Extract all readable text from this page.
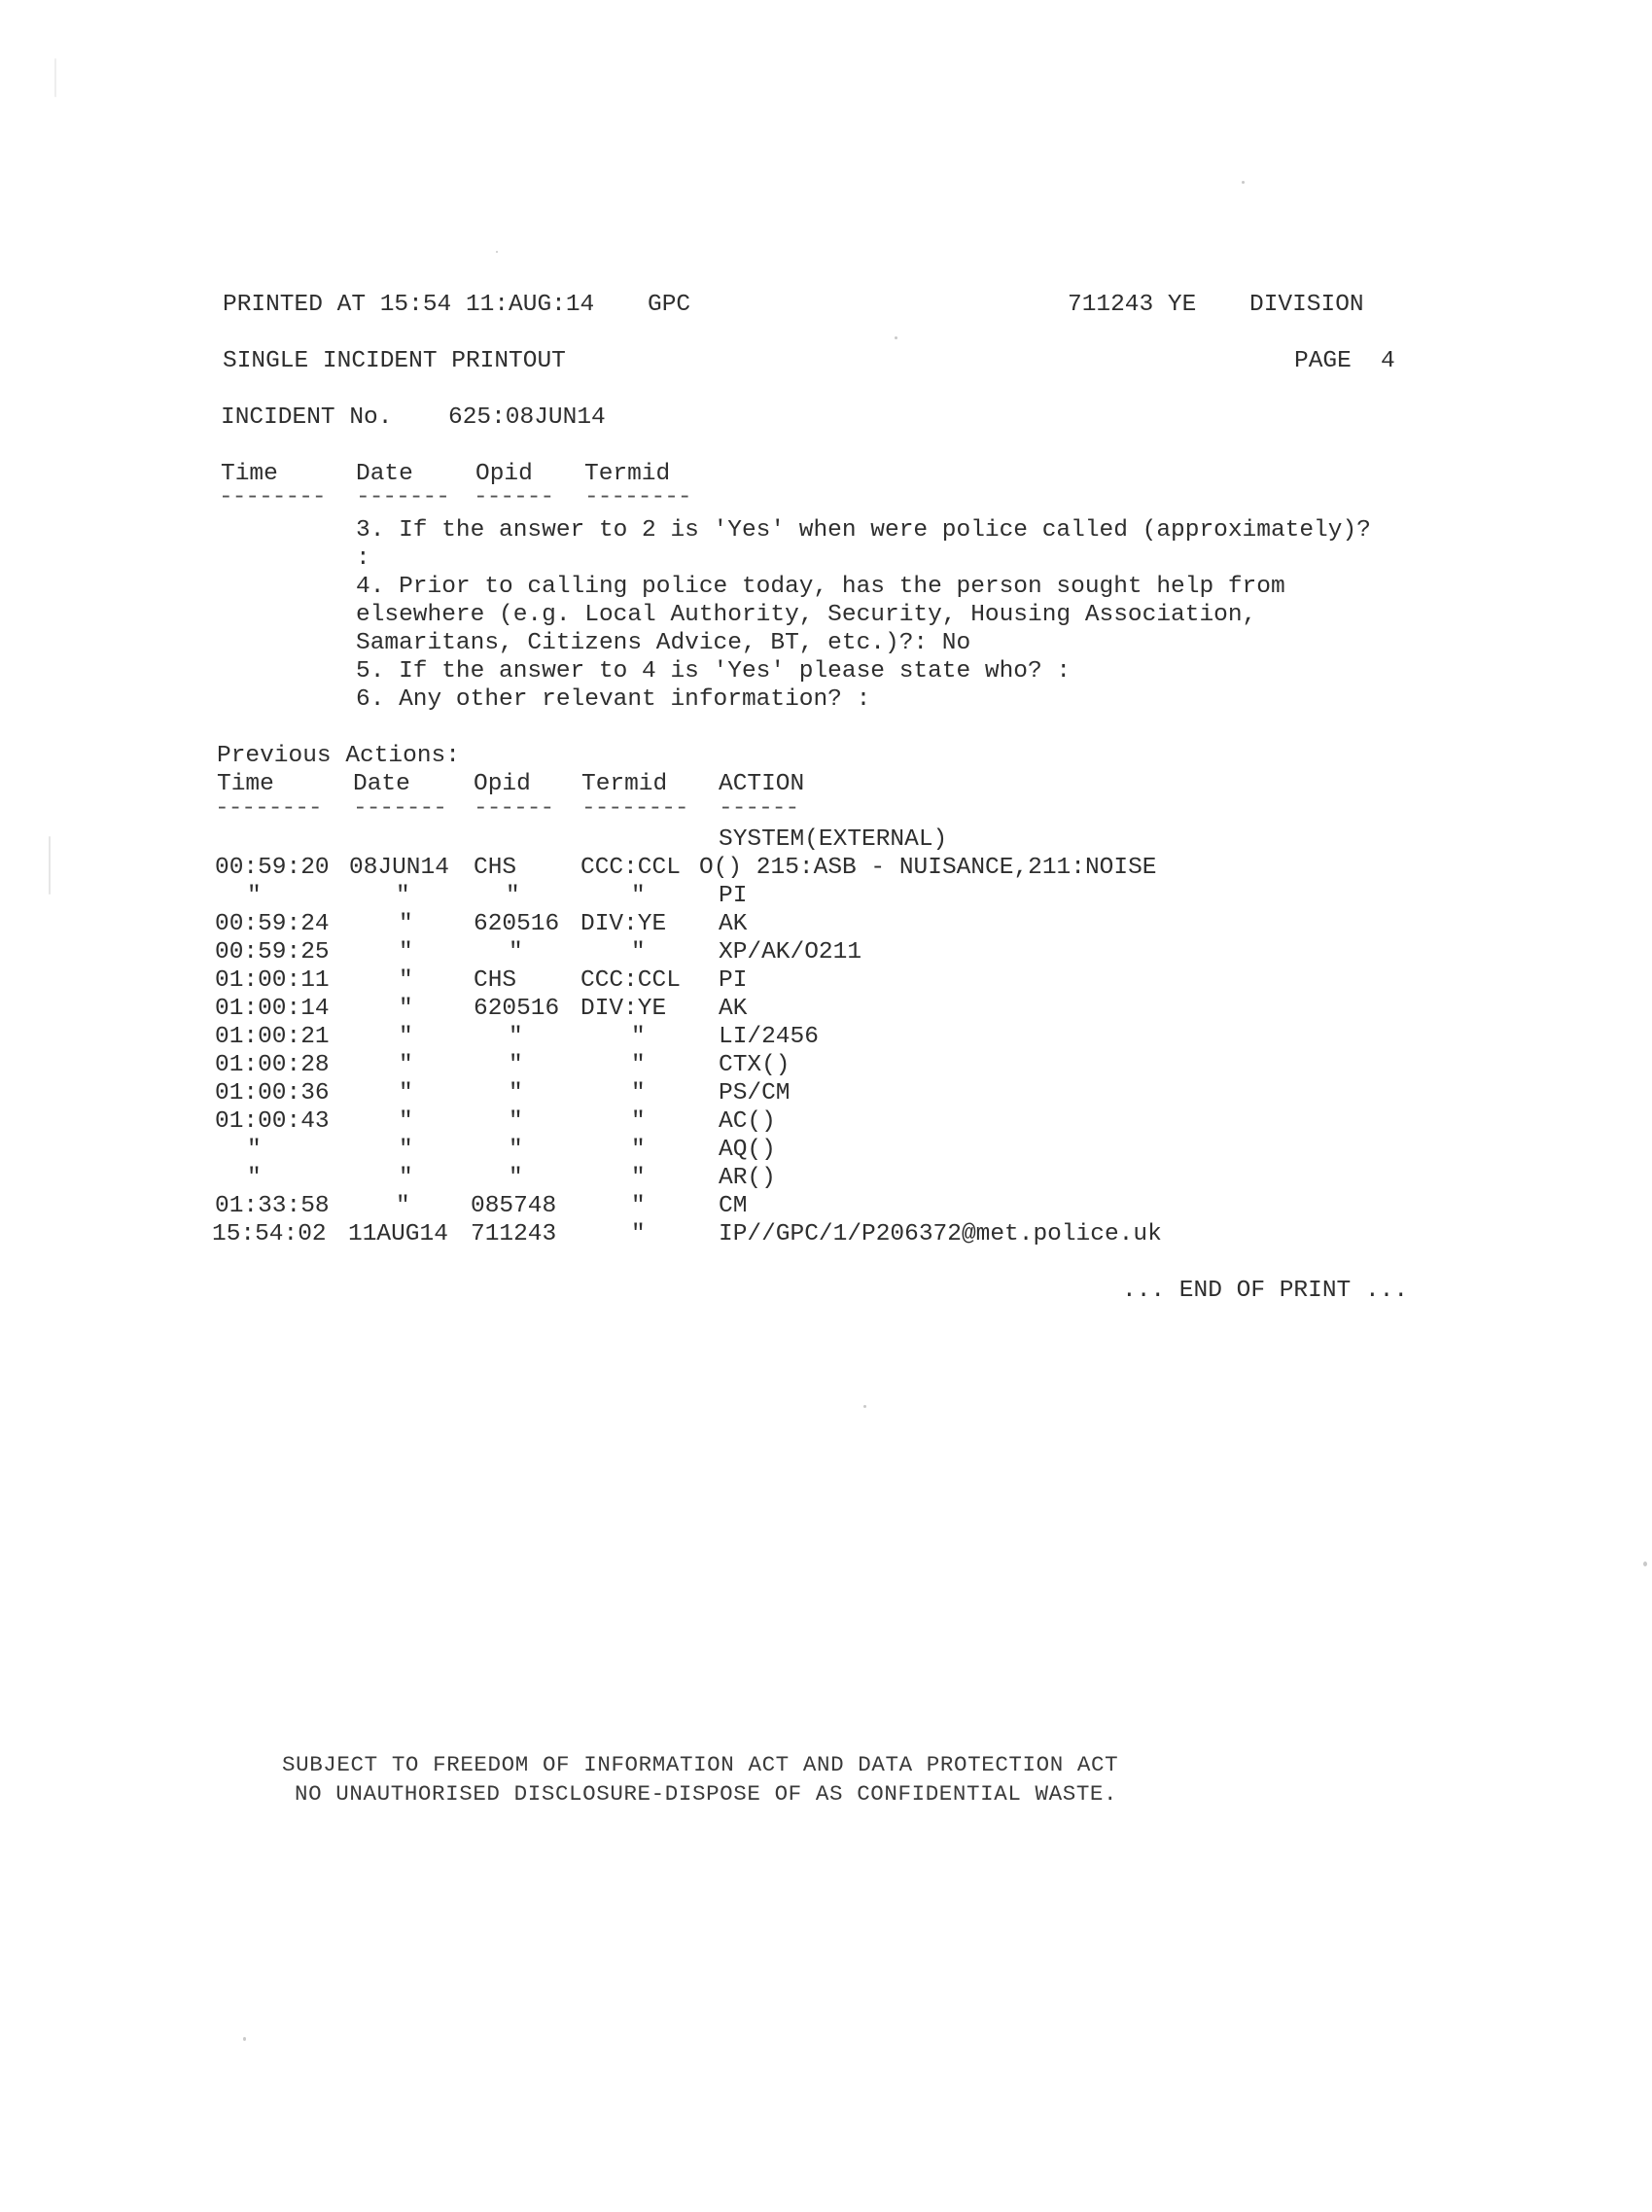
PRINTED AT 15:54 11:AUG:14 GPC	711243 YE DIVISION
SINGLE INCIDENT PRINTOUT	PAGE 4
INCIDENT No. 625:08JUN14
Time	Date	Opid Termid
-------- ------- ------ --------
3. If the answer to 2 is 'Yes' when were police called (approximately)?
:
4. Prior to calling police today, has the person sought help from
elsewhere (e.g. Local Authority, Security, Housing Association,
Samaritans, Citizens Advice, BT, etc.)?: No
5. If the answer to 4 is 'Yes' please state who? :
6. Any other relevant information? :
Previous Actions:
Time	Date	Opid Termid ACTION
-------- ------- ------ -------- ------
SYSTEM(EXTERNAL)
00:59:20 08JUN14 CHS	CCC:CCL O() 215:ASB - NUISANCE,211:NOISE
"	"	"	"	PI
00:59:24	"	620516 DIV:YE AK
00:59:25	"	"	"	XP/AK/O211
01:00:11	"	CHS	CCC:CCL PI
01:00:14	"	620516 DIV:YE AK
01:00:21	"	"	"	LI/2456
01:00:28	"	"	"	CTX()
01:00:36	"	"	"	PS/CM
01:00:43	"	"	"	AC()
"	"	"	"	AQ()
"	"	"	"	AR()
01:33:58	"	085748	"	CM
15:54:02 11AUG14 711243	"	IP//GPC/1/P206372@met.police.uk
... END OF PRINT ...
SUBJECT TO FREEDOM OF INFORMATION ACT AND DATA PROTECTION ACT
NO UNAUTHORISED DISCLOSURE-DISPOSE OF AS CONFIDENTIAL WASTE.
